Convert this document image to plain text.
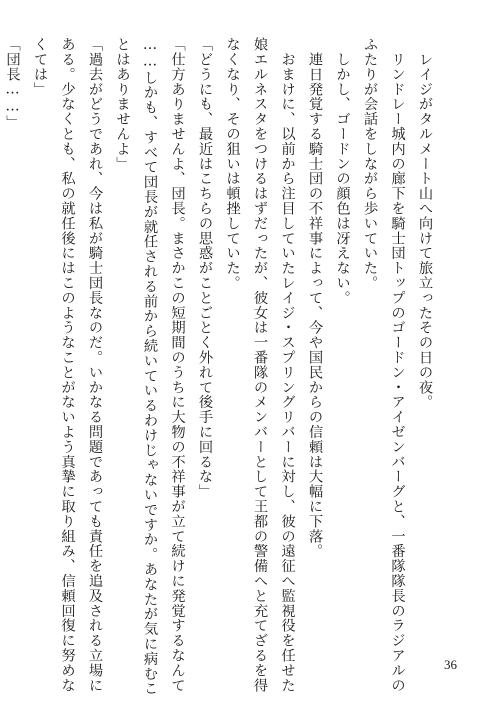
　レイジがタルメート山へ向けて旅立ったその日の夜。
　リンドレー城内の廊下を騎士団トップのゴードン・アイゼンバーグと、一番隊隊長のラジアルの
ふたりが会話をしながら歩いていた。
　しかし、ゴードンの顔色は冴えない。
　連日発覚する騎士団の不祥事によって、今や国民からの信頼は大幅に下落。
　おまけに、以前から注目していたレイジ・スプリングリバーに対し、彼の遠征へ監視役を任せた
娘エルネスタをつけるはずだったが、彼女は一番隊のメンバーとして王都の警備へと充てざるを得
なくなり、その狙いは頓挫していた。
「どうにも、最近はこちらの思惑がことごとく外れて後手に回るな」
「仕方ありませんよ、団長。まさかこの短期間のうちに大物の不祥事が立て続けに発覚するなんて
……しかも、すべて団長が就任される前から続いているわけじゃないですか。あなたが気に病むこ
とはありませんよ」
「過去がどうであれ、今は私が騎士団長なのだ。いかなる問題であっても責任を追及される立場に
ある。少なくとも、私の就任後にはこのようなことがないよう真摯に取り組み、信頼回復に努めな
くては」
「団長……」
36
